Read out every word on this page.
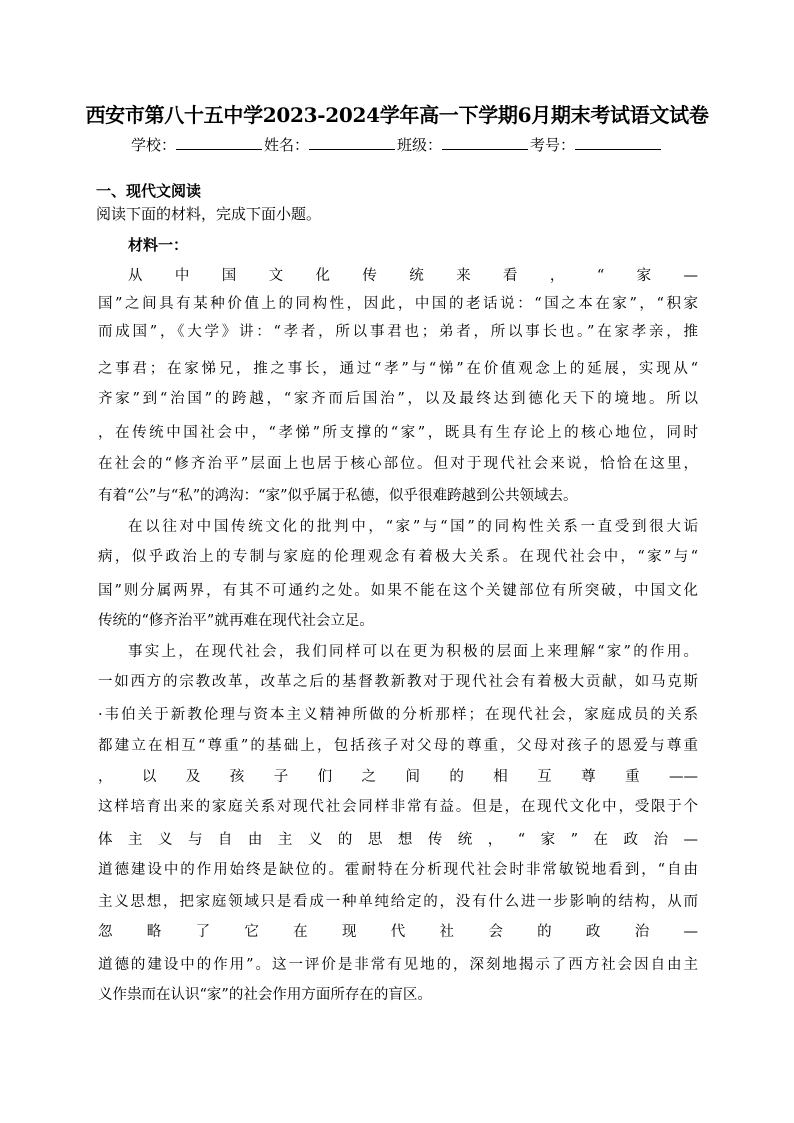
西安市第八十五中学2023-2024学年高一下学期6月期末考试语文试卷
学校：	姓名：	班级：	考号：
一、现代文阅读
阅读下面的材料，完成下面小题。
材料一：
从中国文化传统来看，“家—
国”之间具有某种价值上的同构性，因此，中国的老话说：“国之本在家”，“积家
而成国”，《大学》讲：“孝者，所以事君也；弟者，所以事长也。”在家孝亲，推
之事君；在家悌兄，推之事长，通过“孝”与“悌”在价值观念上的延展，实现从“
齐家”到“治国”的跨越，“家齐而后国治”，以及最终达到德化天下的境地。所以
，在传统中国社会中，“孝悌”所支撑的“家”，既具有生存论上的核心地位，同时
在社会的“修齐治平”层面上也居于核心部位。但对于现代社会来说，恰恰在这里，
有着“公”与“私”的鸿沟：“家”似乎属于私德，似乎很难跨越到公共领域去。
在以往对中国传统文化的批判中，“家”与“国”的同构性关系一直受到很大诟
病，似乎政治上的专制与家庭的伦理观念有着极大关系。在现代社会中，“家”与“
国”则分属两界，有其不可通约之处。如果不能在这个关键部位有所突破，中国文化
传统的“修齐治平”就再难在现代社会立足。
事实上，在现代社会，我们同样可以在更为积极的层面上来理解“家”的作用。
一如西方的宗教改革，改革之后的基督教新教对于现代社会有着极大贡献，如马克斯
·韦伯关于新教伦理与资本主义精神所做的分析那样；在现代社会，家庭成员的关系
都建立在相互“尊重”的基础上，包括孩子对父母的尊重，父母对孩子的恩爱与尊重
，以及孩子们之间的相互尊重——
这样培育出来的家庭关系对现代社会同样非常有益。但是，在现代文化中，受限于个
体主义与自由主义的思想传统，“家”在政治—
道德建设中的作用始终是缺位的。霍耐特在分析现代社会时非常敏锐地看到，“自由
主义思想，把家庭领域只是看成一种单纯给定的，没有什么进一步影响的结构，从而
忽略了它在现代社会的政治—
道德的建设中的作用”。这一评价是非常有见地的，深刻地揭示了西方社会因自由主
义作祟而在认识“家”的社会作用方面所存在的盲区。
